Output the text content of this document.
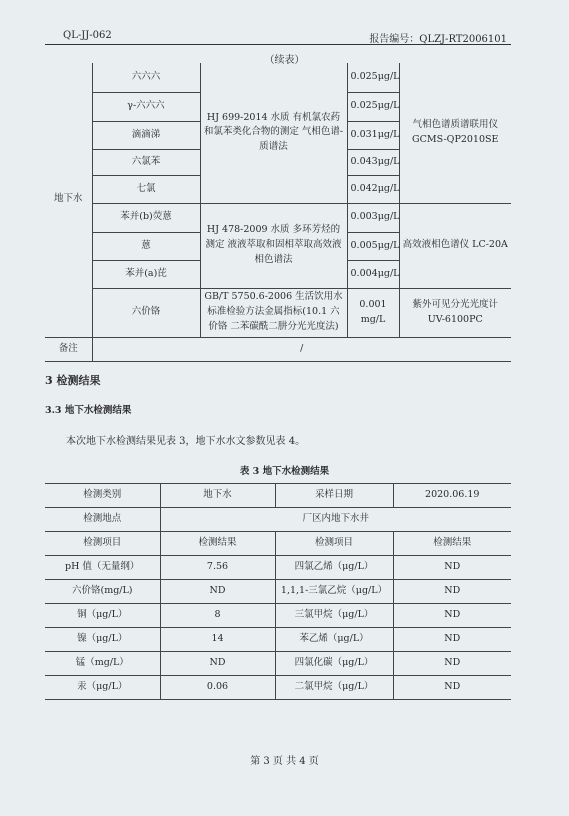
QL-JJ-062	报告编号：QLZJ-RT2006101
（续表）
地下水	六六六	HJ 699-2014 水质 有机氯农药和氯苯类化合物的测定 气相色谱-质谱法	0.025μg/L	气相色谱质谱联用仪 GCMS-QP2010SE
	γ-六六六		0.025μg/L	
	滴滴涕		0.031μg/L	
	六氯苯		0.043μg/L	
	七氯		0.042μg/L	
	苯并(b)荧蒽	HJ 478-2009 水质 多环芳烃的测定 液液萃取和固相萃取高效液相色谱法	0.003μg/L	高效液相色谱仪 LC-20A
	蒽		0.005μg/L	
	苯并(a)芘		0.004μg/L	
	六价铬	GB/T 5750.6-2006 生活饮用水标准检验方法金属指标(10.1 六价铬 二苯碳酰二肼分光光度法)	0.001 mg/L	紫外可见分光光度计 UV-6100PC
备注	/			
3 检测结果
3.3 地下水检测结果
本次地下水检测结果见表 3，地下水水文参数见表 4。
表 3 地下水检测结果
检测类别	地下水	采样日期	2020.06.19
检测地点	厂区内地下水井		
检测项目	检测结果	检测项目	检测结果
pH 值（无量纲）	7.56	四氯乙烯（μg/L）	ND
六价铬(mg/L)	ND	1,1,1-三氯乙烷（μg/L）	ND
铜（μg/L）	8	三氯甲烷（μg/L）	ND
镍（μg/L）	14	苯乙烯（μg/L）	ND
锰（mg/L）	ND	四氯化碳（μg/L）	ND
汞（μg/L）	0.06	二氯甲烷（μg/L）	ND
第 3 页 共 4 页
